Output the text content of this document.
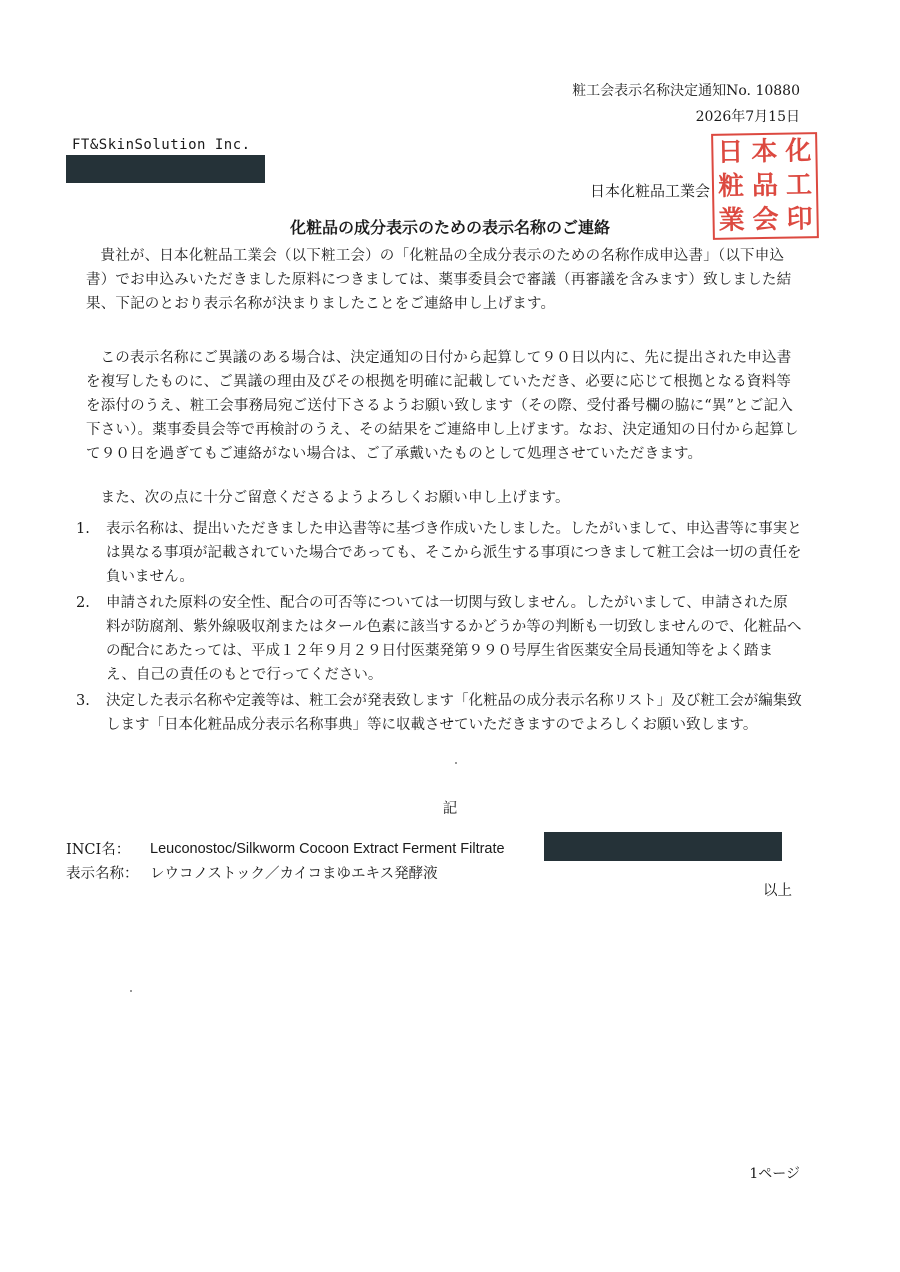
粧工会表示名称決定通知No. 10880
2026年7月15日
FT&SkinSolution Inc.
日本化粧品工業会
日 本 化
粧 品 工
業 会 印
化粧品の成分表示のための表示名称のご連絡

貴社が、日本化粧品工業会（以下粧工会）の「化粧品の全成分表示のための名称作成申込書」（以下申込書）でお申込みいただきました原料につきましては、薬事委員会で審議（再審議を含みます）致しました結果、下記のとおり表示名称が決まりましたことをご連絡申し上げます。

この表示名称にご異議のある場合は、決定通知の日付から起算して９０日以内に、先に提出された申込書を複写したものに、ご異議の理由及びその根拠を明確に記載していただき、必要に応じて根拠となる資料等を添付のうえ、粧工会事務局宛ご送付下さるようお願い致します（その際、受付番号欄の脇に“異”とご記入下さい）。薬事委員会等で再検討のうえ、その結果をご連絡申し上げます。なお、決定通知の日付から起算して９０日を過ぎてもご連絡がない場合は、ご了承戴いたものとして処理させていただきます。

また、次の点に十分ご留意くださるようよろしくお願い申し上げます。

1.	表示名称は、提出いただきました申込書等に基づき作成いたしました。したがいまして、申込書等に事実とは異なる事項が記載されていた場合であっても、そこから派生する事項につきまして粧工会は一切の責任を負いません。
2.	申請された原料の安全性、配合の可否等については一切関与致しません。したがいまして、申請された原料が防腐剤、紫外線吸収剤またはタール色素に該当するかどうか等の判断も一切致しませんので、化粧品への配合にあたっては、平成１２年９月２９日付医薬発第９９０号厚生省医薬安全局長通知等をよく踏まえ、自己の責任のもとで行ってください。
3.	決定した表示名称や定義等は、粧工会が発表致します「化粧品の成分表示名称リスト」及び粧工会が編集致します「日本化粧品成分表示名称事典」等に収載させていただきますのでよろしくお願い致します。
記
INCI名：	Leuconostoc/Silkworm Cocoon Extract Ferment Filtrate
表示名称： レウコノストック／カイコまゆエキス発酵液
以上
1ページ
